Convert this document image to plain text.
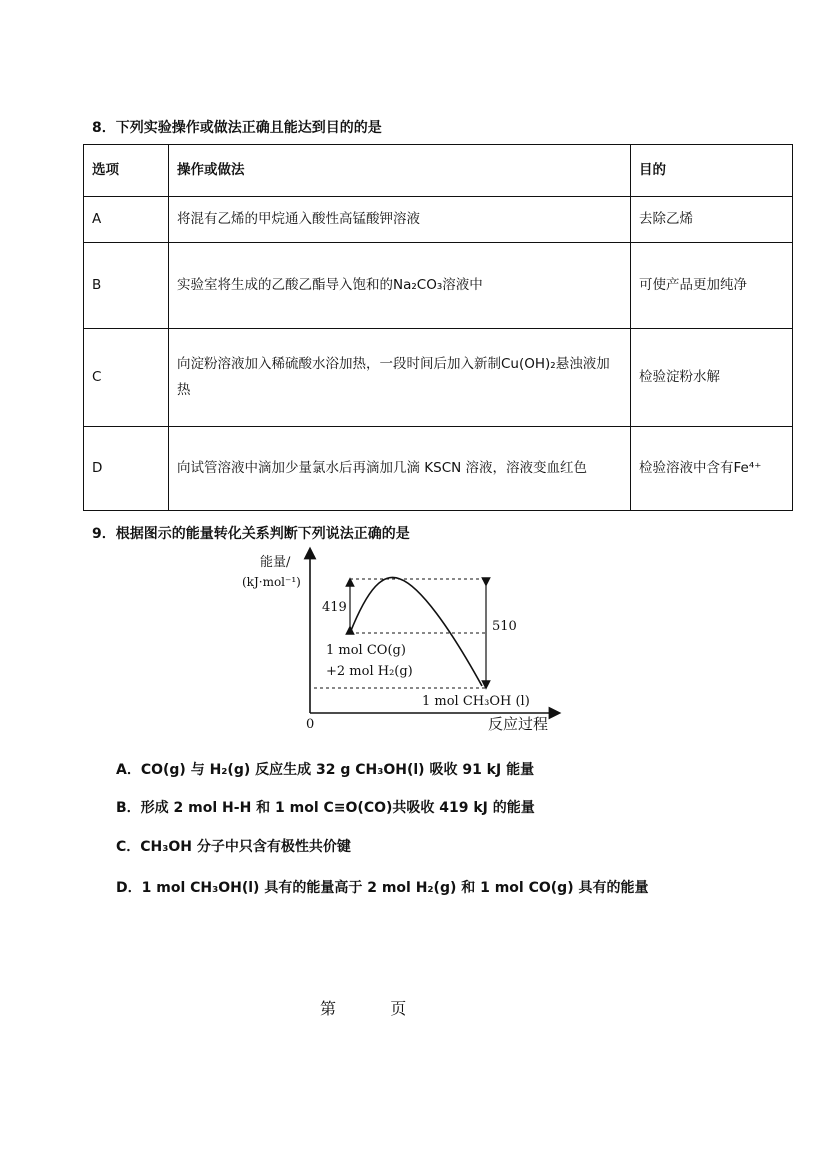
8．下列实验操作或做法正确且能达到目的的是
选项	操作或做法	目的
A	将混有乙烯的甲烷通入酸性高锰酸钾溶液	去除乙烯
B	实验室将生成的乙酸乙酯导入饱和的Na₂CO₃溶液中	可使产品更加纯净
C	向淀粉溶液加入稀硫酸水浴加热，一段时间后加入新制Cu(OH)₂悬浊液加热	检验淀粉水解
D	向试管溶液中滴加少量氯水后再滴加几滴 KSCN 溶液，溶液变血红色	检验溶液中含有Fe⁴⁺
9．根据图示的能量转化关系判断下列说法正确的是
能量/
(kJ·mol⁻¹)
0	反应过程
419
510
1 mol CO(g)
+2 mol H₂(g)
1 mol CH₃OH (l)
A．CO(g) 与 H₂(g) 反应生成 32 g CH₃OH(l) 吸收 91 kJ 能量
B．形成 2 mol H-H 和 1 mol C≡O(CO)共吸收 419 kJ 的能量
C．CH₃OH 分子中只含有极性共价键
D．1 mol CH₃OH(l) 具有的能量高于 2 mol H₂(g) 和 1 mol CO(g) 具有的能量
第	页
